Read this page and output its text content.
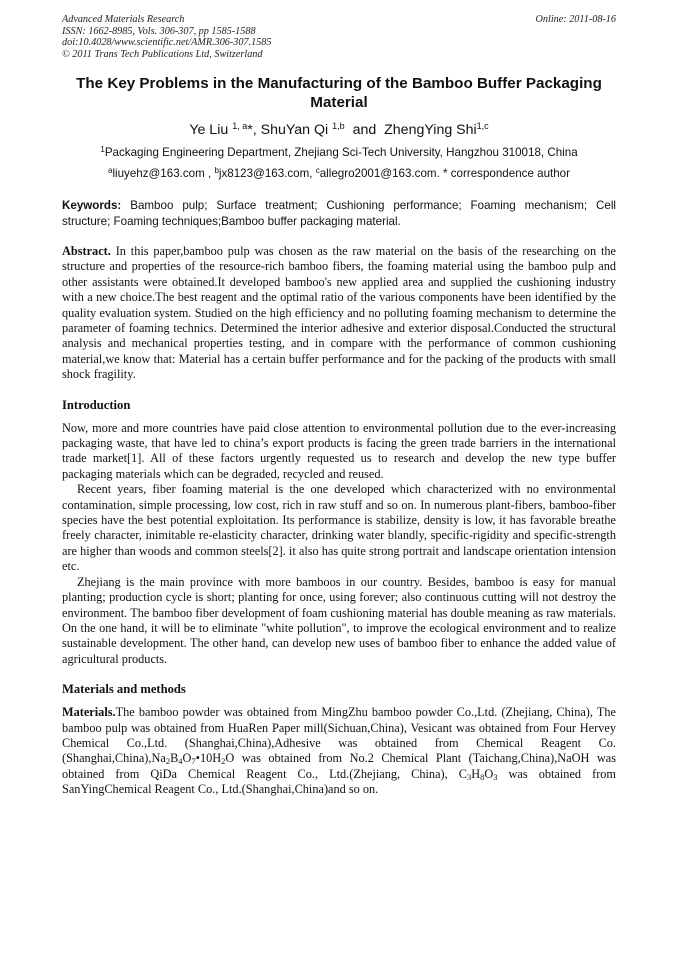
Advanced Materials Research
ISSN: 1662-8985, Vols. 306-307, pp 1585-1588
doi:10.4028/www.scientific.net/AMR.306-307.1585
© 2011 Trans Tech Publications Ltd, Switzerland
Online: 2011-08-16
The Key Problems in the Manufacturing of the Bamboo Buffer Packaging Material
Ye Liu $^{1, a}$*, ShuYan Qi $^{1,b}$ and ZhengYing Shi$^{1,c}$
$^1$Packaging Engineering Department, Zhejiang Sci-Tech University, Hangzhou 310018, China
$^a$liuyehz@163.com , $^b$jx8123@163.com, $^c$allegro2001@163.com. * correspondence author
Keywords: Bamboo pulp; Surface treatment; Cushioning performance; Foaming mechanism; Cell structure; Foaming techniques;Bamboo buffer packaging material.

Abstract. In this paper,bamboo pulp was chosen as the raw material on the basis of the researching on the structure and properties of the resource-rich bamboo fibers, the foaming material using the bamboo pulp and other assistants were obtained.It developed bamboo's new applied area and supplied the cushioning industry with a new choice.The best reagent and the optimal ratio of the various components have been identified by the quality evaluation system. Studied on the high efficiency and no polluting foaming mechanism to determine the parameter of foaming technics. Determined the interior adhesive and exterior disposal.Conducted the structural analysis and mechanical properties testing, and in compare with the performance of common cushioning material,we know that: Material has a certain buffer performance and for the packing of the products with small shock fragility.

Introduction

Now, more and more countries have paid close attention to environmental pollution due to the ever-increasing packaging waste, that have led to china’s export products is facing the green trade barriers in the international trade market[1]. All of these factors urgently requested us to research and develop the new type buffer packaging materials which can be degraded, recycled and reused.

Recent years, fiber foaming material is the one developed which characterized with no environmental contamination, simple processing, low cost, rich in raw stuff and so on. In numerous plant-fibers, bamboo-fiber species have the best potential exploitation. Its performance is stabilize, density is low, it has favorable breathe freely character, inimitable re-elasticity character, drinking water blandly, specific-rigidity and specific-strength are higher than woods and common steels[2]. it also has quite strong portrait and landscape orientation intension etc.

Zhejiang is the main province with more bamboos in our country. Besides, bamboo is easy for manual planting; production cycle is short; planting for once, using forever; also continuous cutting will not destroy the environment. The bamboo fiber development of foam cushioning material has double meaning as raw materials. On the one hand, it will be to eliminate "white pollution", to improve the ecological environment and to realize sustainable development. The other hand, can develop new uses of bamboo fiber to enhance the added value of agricultural products.

Materials and methods

Materials.The bamboo powder was obtained from MingZhu bamboo powder Co.,Ltd. (Zhejiang, China), The bamboo pulp was obtained from HuaRen Paper mill(Sichuan,China), Vesicant was obtained from Four Hervey Chemical Co.,Ltd. (Shanghai,China),Adhesive was obtained from Chemical Reagent $Co.(Shanghai,China),Na_2B_4O_7•10H_2O$ was obtained from No.2 Chemical Plant (Taichang,China),NaOH was obtained from QiDa Chemical Reagent Co., Ltd.(Zhejiang, China), $C_3H_8O_3$ was obtained from SanYingChemical Reagent Co., Ltd.(Shanghai,China)and so on.
